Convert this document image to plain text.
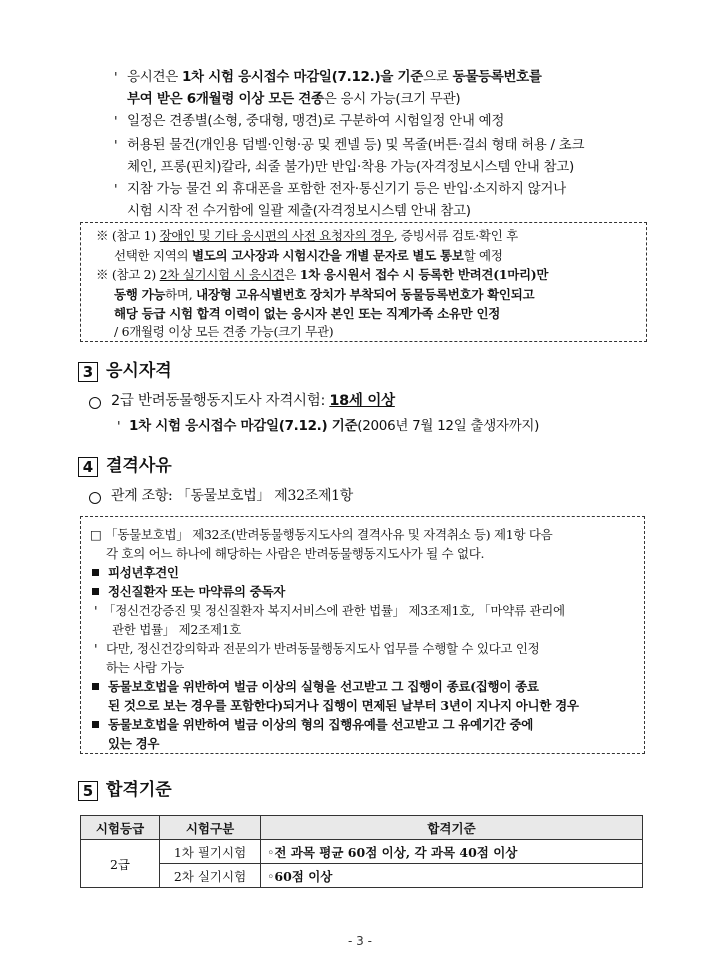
' 응시견은 1차 시험 응시접수 마감일(7.12.)을 기준으로 동물등록번호를
부여 받은 6개월령 이상 모든 견종은 응시 가능(크기 무관)
' 일정은 견종별(소형, 중대형, 맹견)로 구분하여 시험일정 안내 예정
' 허용된 물건(개인용 덤벨·인형·공 및 켄넬 등) 및 목줄(버튼·걸쇠 형태 허용 / 초크
체인, 프롱(핀치)칼라, 쇠줄 불가)만 반입·착용 가능(자격정보시스템 안내 참고)
' 지참 가능 물건 외 휴대폰을 포함한 전자·통신기기 등은 반입·소지하지 않거나
시험 시작 전 수거함에 일괄 제출(자격정보시스템 안내 참고)
※ (참고 1) 장애인 및 기타 응시편의 사전 요청자의 경우, 증빙서류 검토·확인 후
선택한 지역의 별도의 고사장과 시험시간을 개별 문자로 별도 통보할 예정
※ (참고 2) 2차 실기시험 시 응시견은 1차 응시원서 접수 시 등록한 반려견(1마리)만
동행 가능하며, 내장형 고유식별번호 장치가 부착되어 동물등록번호가 확인되고
해당 등급 시험 합격 이력이 없는 응시자 본인 또는 직계가족 소유만 인정
/ 6개월령 이상 모든 견종 가능(크기 무관)
3 응시자격
2급 반려동물행동지도사 자격시험: 18세 이상
' 1차 시험 응시접수 마감일(7.12.) 기준(2006년 7월 12일 출생자까지)
4 결격사유
관계 조항: 「동물보호법」 제32조제1항
□ 「동물보호법」 제32조(반려동물행동지도사의 결격사유 및 자격취소 등) 제1항 다음
각 호의 어느 하나에 해당하는 사람은 반려동물행동지도사가 될 수 없다.
피성년후견인
정신질환자 또는 마약류의 중독자
' 「정신건강증진 및 정신질환자 복지서비스에 관한 법률」 제3조제1호, 「마약류 관리에
관한 법률」 제2조제1호
' 다만, 정신건강의학과 전문의가 반려동물행동지도사 업무를 수행할 수 있다고 인정
하는 사람 가능
동물보호법을 위반하여 벌금 이상의 실형을 선고받고 그 집행이 종료(집행이 종료
된 것으로 보는 경우를 포함한다)되거나 집행이 면제된 날부터 3년이 지나지 아니한 경우
동물보호법을 위반하여 벌금 이상의 형의 집행유예를 선고받고 그 유예기간 중에
있는 경우
5 합격기준
시험등급	시험구분	합격기준
2급	1차 필기시험	◦전 과목 평균 60점 이상, 각 과목 40점 이상
	2차 실기시험	◦60점 이상
- 3 -
